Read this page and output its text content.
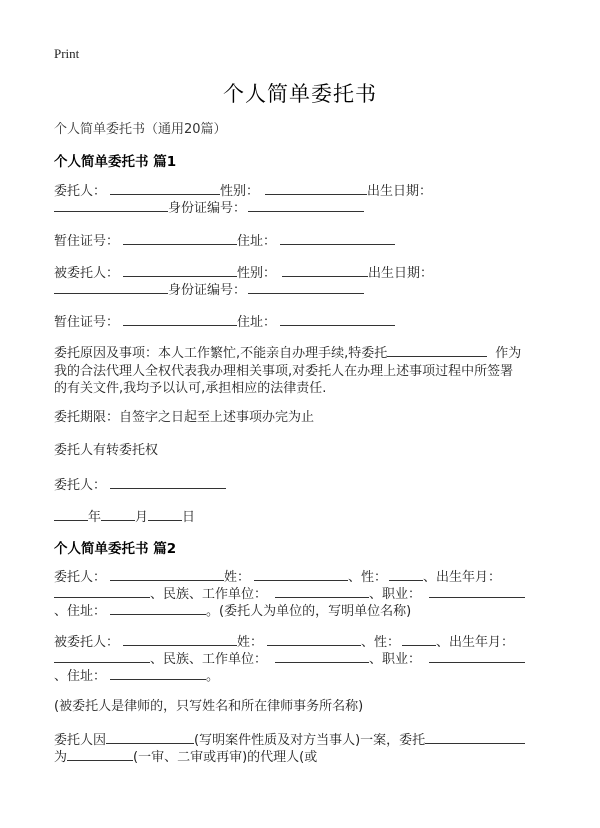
Print
个人简单委托书
个人简单委托书（通用20篇）
个人简单委托书 篇1
委托人：	性别：	出生日期：
身份证编号：
暂住证号：	住址：
被委托人：	性别：	出生日期：
身份证编号：
暂住证号：	住址：
委托原因及事项：本人工作繁忙,不能亲自办理手续,特委托	作为
我的合法代理人全权代表我办理相关事项,对委托人在办理上述事项过程中所签署
的有关文件,我均予以认可,承担相应的法律责任.
委托期限：自签字之日起至上述事项办完为止
委托人有转委托权
委托人：
年	月	日
个人简单委托书 篇2
委托人：	姓：	、性：	、出生年月：
、民族、工作单位：	、职业：
、住址：	。(委托人为单位的，写明单位名称)
被委托人：	姓：	、性：	、出生年月：
、民族、工作单位：	、职业：
、住址：	。
(被委托人是律师的，只写姓名和所在律师事务所名称)
委托人因	(写明案件性质及对方当事人)一案，委托
为	(一审、二审或再审)的代理人(或
